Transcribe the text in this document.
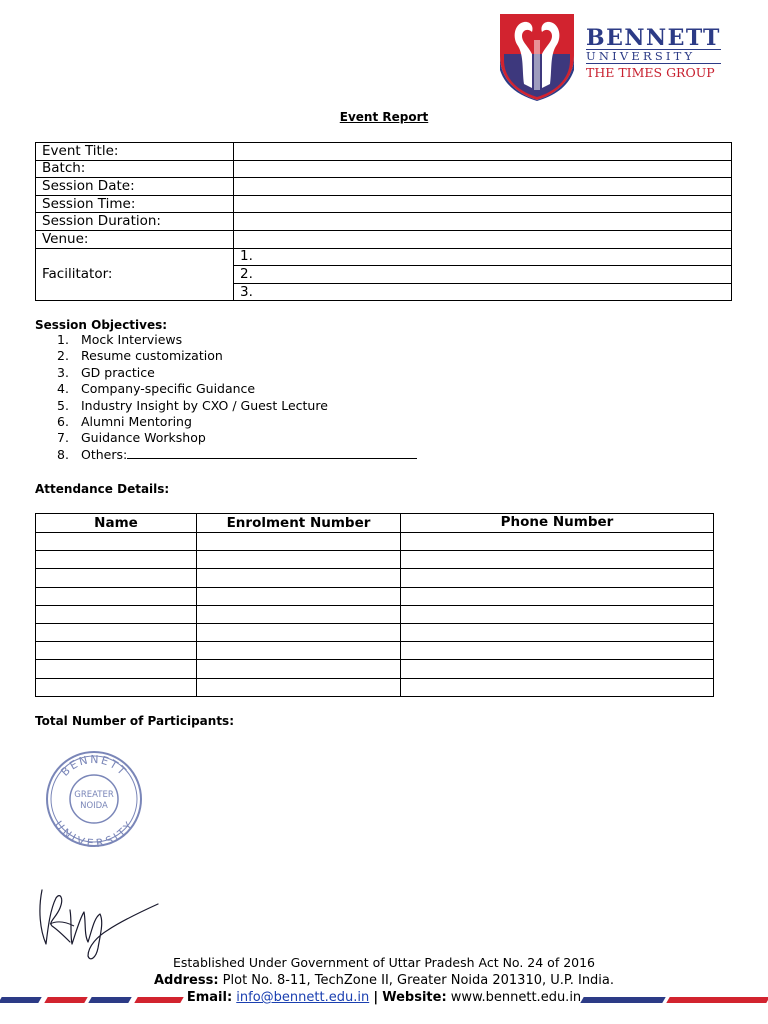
BENNETT
UNIVERSITY
THE TIMES GROUP
Event Report
Event Title:	
Batch:	
Session Date:	
Session Time:	
Session Duration:	
Venue:	
Facilitator:	1.
	2.
	3.
Session Objectives:
1. Mock Interviews
2. Resume customization
3. GD practice
4. Company-specific Guidance
5. Industry Insight by CXO / Guest Lecture
6. Alumni Mentoring
7. Guidance Workshop
8. Others:
Attendance Details:
Name	Enrolment Number	Phone Number

Total Number of Participants:
BENNETT
UNIVERSITY
GREATER
NOIDA
Established Under Government of Uttar Pradesh Act No. 24 of 2016
Address: Plot No. 8-11, TechZone II, Greater Noida 201310, U.P. India.
Email: info@bennett.edu.in | Website: www.bennett.edu.in
